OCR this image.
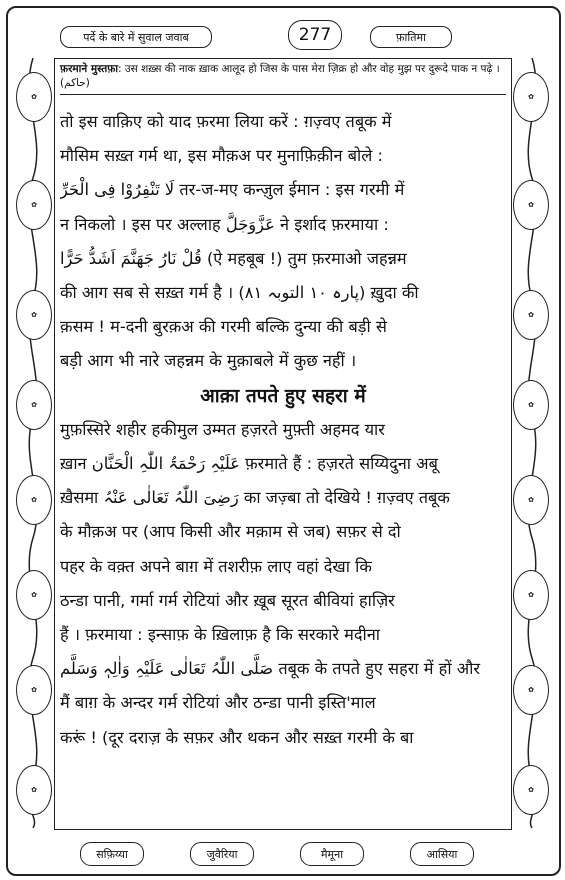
✿
✿
✿
✿
✿
✿
✿
✿
✿
✿
✿
✿
✿
✿
✿
✿
पर्दे के बारे में सुवाल जवाब	277	फ़ातिमा
फ़रमाने मुस्तफ़ा: उस शख़्स की नाक ख़ाक आलूद हो जिस के पास मेरा ज़िक्र हो और वोह मुझ पर दुरूदे पाक न पढ़े । (حاکم)
तो इस वाक़िए को याद फ़रमा लिया करें : ग़ज़्वए तबूक में
मौसिम सख़्त गर्म था, इस मौक़अ पर मुनाफ़िक़ीन बोले :
لَا تَنْفِرُوْا فِی الْحَرِّ तर-ज-मए कन्ज़ुल ईमान : इस गरमी में
न निकलो । इस पर अल्लाह عَزَّوَجَلَّ ने इर्शाद फ़रमाया :
قُلْ نَارُ جَهَنَّمَ اَشَدُّ حَرًّا (ऐ महबूब !) तुम फ़रमाओ जहन्नम
की आग सब से सख़्त गर्म है । (پارہ ۱۰ التوبہ ۸۱) ख़ुदा की
क़सम ! म-दनी बुरक़अ की गरमी बल्कि दुन्या की बड़ी से
बड़ी आग भी नारे जहन्नम के मुक़ाबले में कुछ नहीं ।
आक़ा तपते हुए सहरा में
मुफ़स्सिरे शहीर हकीमुल उम्मत हज़रते मुफ़्ती अहमद यार
ख़ान عَلَیْہِ رَحْمَۃُ اللّٰہِ الْحَنَّان फ़रमाते हैं : हज़रते सय्यिदुना अबू
ख़ैसमा رَضِیَ اللّٰہُ تَعَالٰی عَنْہُ का जज़्बा तो देखिये ! ग़ज़्वए तबूक
के मौक़अ पर (आप किसी और मक़ाम से जब) सफ़र से दो
पहर के वक़्त अपने बाग़ में तशरीफ़ लाए वहां देखा कि
ठन्डा पानी, गर्मा गर्म रोटियां और ख़ूब सूरत बीवियां हाज़िर
हैं । फ़रमाया : इन्साफ़ के ख़िलाफ़ है कि सरकारे मदीना
صَلَّی اللّٰہُ تَعَالٰی عَلَیْہِ وَاٰلِہٖ وَسَلَّم तबूक के तपते हुए सहरा में हों और
मैं बाग़ के अन्दर गर्म रोटियां और ठन्डा पानी इस्ति'माल
करूं ! (दूर दराज़ के सफ़र और थकन और सख़्त गरमी के बा
सफ़िय्या	जुवैरिया	मैमूना	आसिया
